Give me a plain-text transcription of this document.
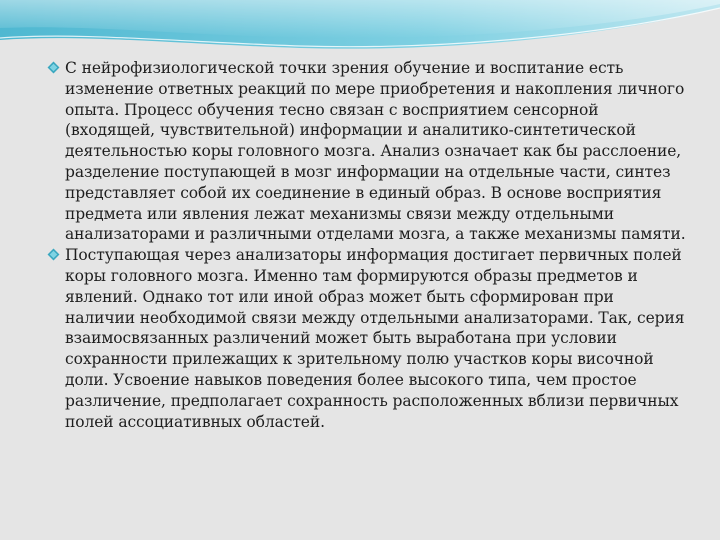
С нейрофизиологической точки зрения обучение и воспитание есть изменение ответных реакций по мере приобретения и накопления личного опыта. Процесс обучения тесно связан с восприятием сенсорной (входящей, чувствительной) информации и аналитико-синтетической деятельностью коры головного мозга. Анализ означает как бы расслоение, разделение поступающей в мозг информации на отдельные части, синтез представляет собой их соединение в единый образ. В основе восприятия предмета или явления лежат механизмы связи между отдельными анализаторами и различными отделами мозга, а также механизмы памяти.
Поступающая через анализаторы информация достигает первичных полей коры головного мозга. Именно там формируются образы предметов и явлений. Однако тот или иной образ может быть сформирован при наличии необходимой связи между отдельными анализаторами. Так, серия взаимосвязанных различений может быть выработана при условии сохранности прилежащих к зрительному полю участков коры височной доли. Усвоение навыков поведения более высокого типа, чем простое различение, предполагает сохранность расположенных вблизи первичных полей ассоциативных областей.
